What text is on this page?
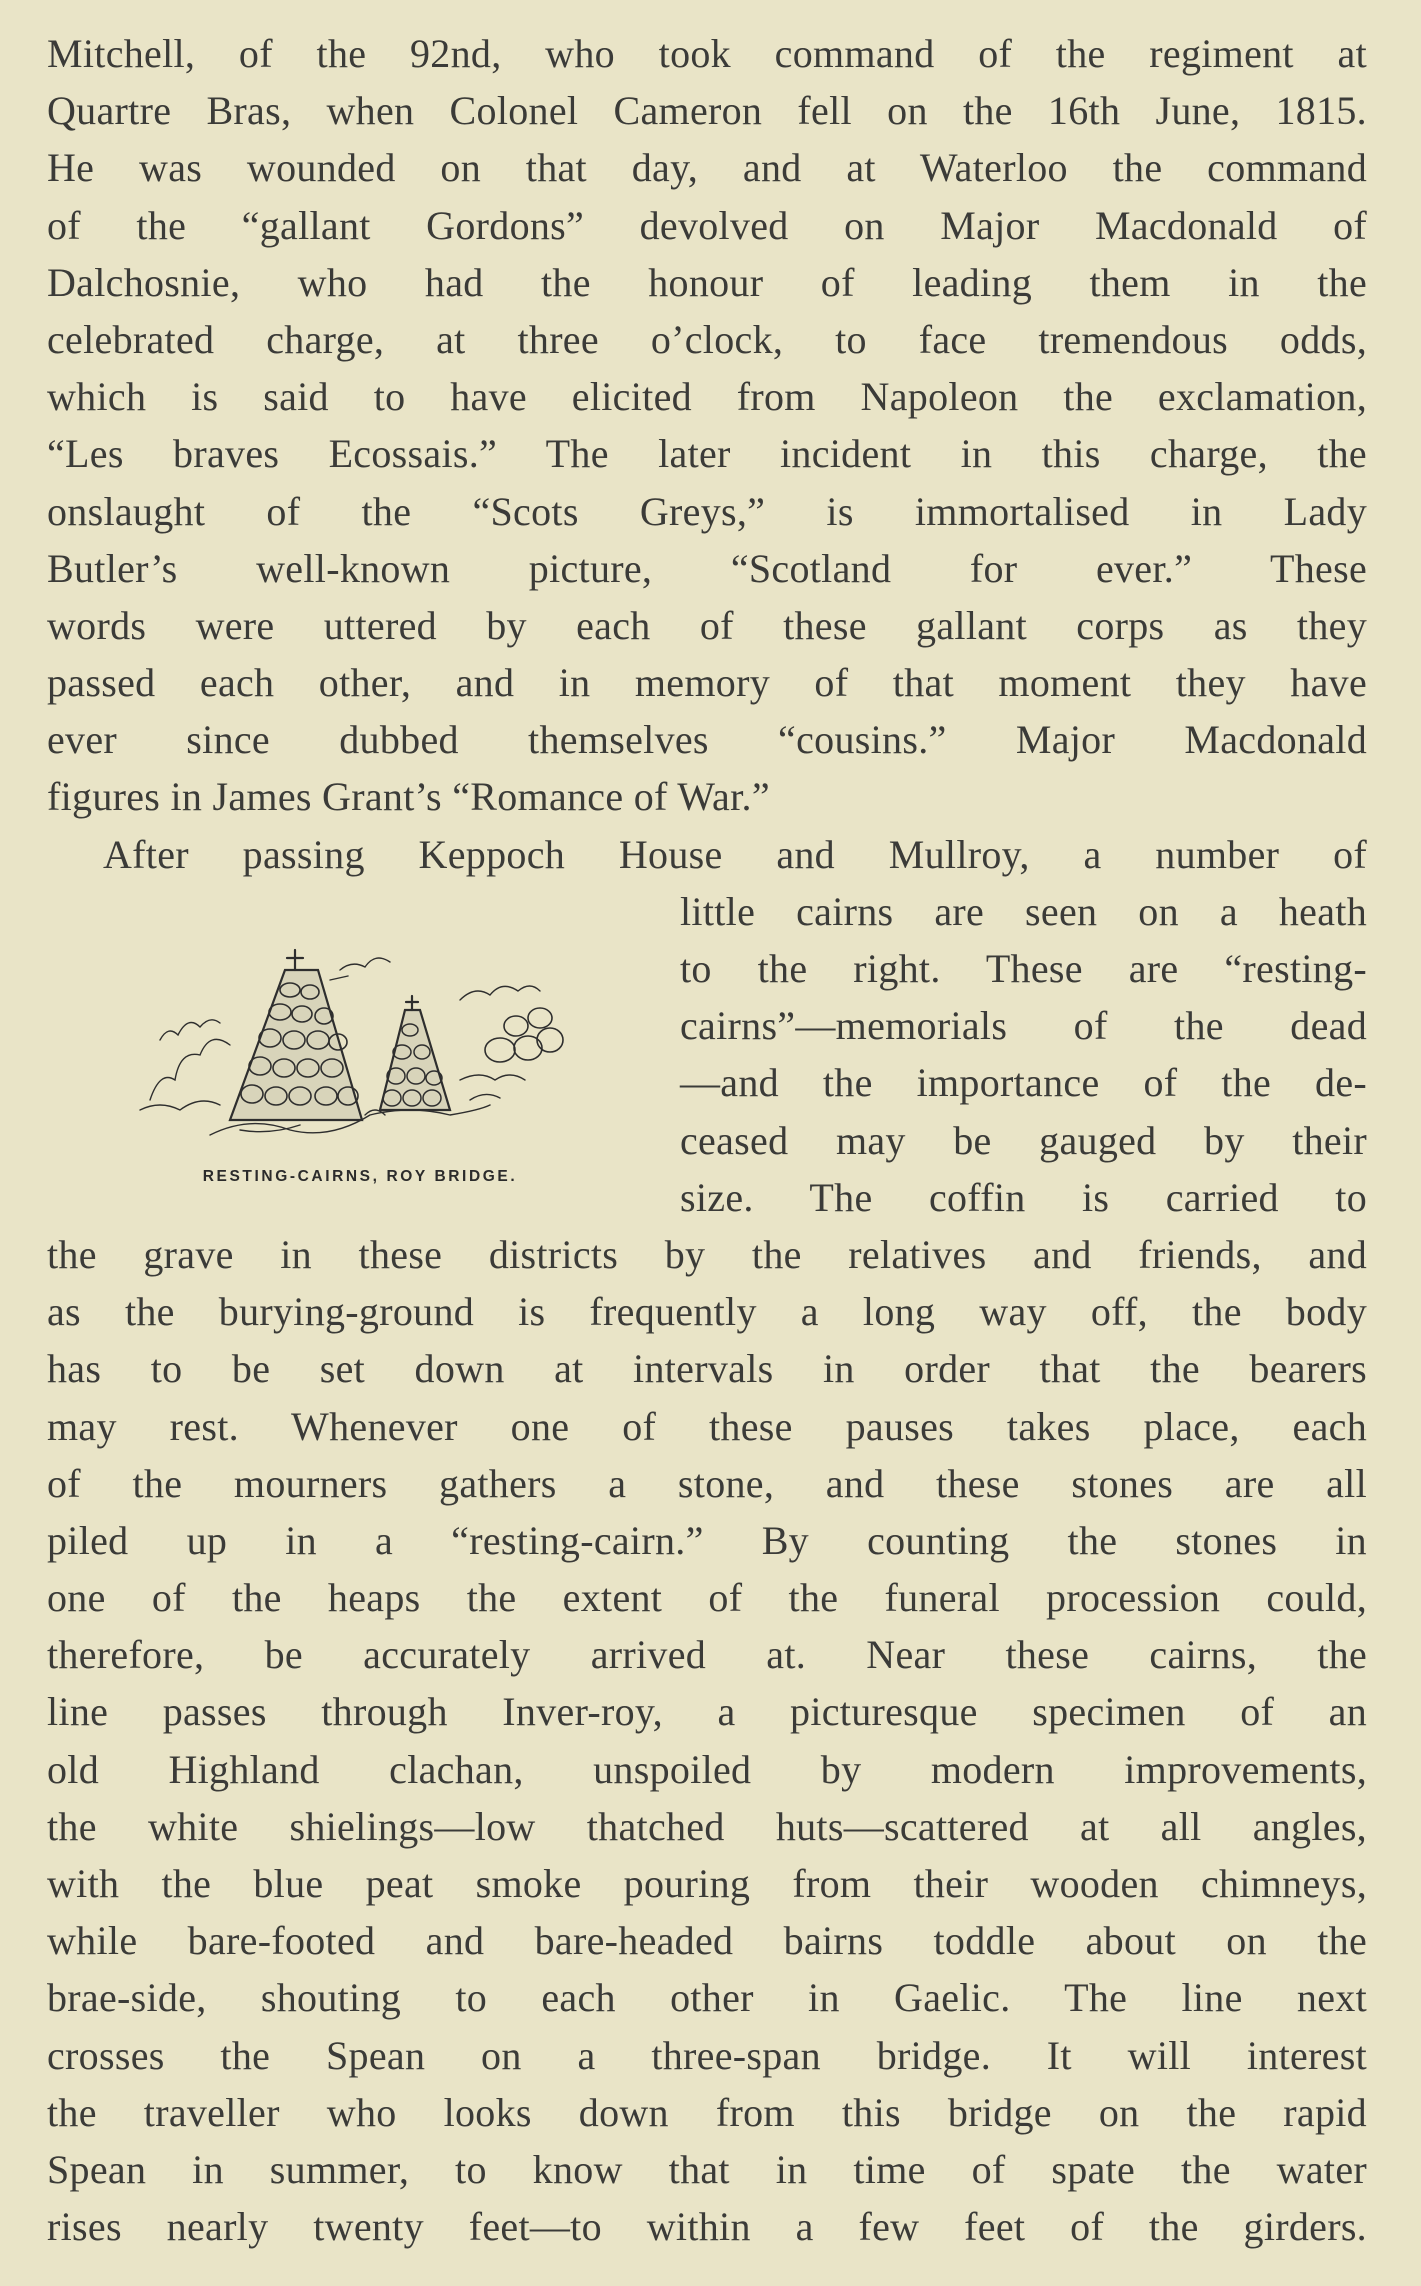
Mitchell, of the 92nd, who took command of the regiment at
Quartre Bras, when Colonel Cameron fell on the 16th June, 1815.
He was wounded on that day, and at Waterloo the command
of the “gallant Gordons” devolved on Major Macdonald of
Dalchosnie, who had the honour of leading them in the
celebrated charge, at three o’clock, to face tremendous odds,
which is said to have elicited from Napoleon the exclamation,
“Les braves Ecossais.” The later incident in this charge, the
onslaught of the “Scots Greys,” is immortalised in Lady
Butler’s well-known picture, “Scotland for ever.” These
words were uttered by each of these gallant corps as they
passed each other, and in memory of that moment they have
ever since dubbed themselves “cousins.” Major Macdonald
figures in James Grant’s “Romance of War.”
After passing Keppoch House and Mullroy, a number of
little cairns are seen on a heath
to the right. These are “resting-
cairns”—memorials of the dead
—and the importance of the de-
ceased may be gauged by their
size. The coffin is carried to
the grave in these districts by the relatives and friends, and
as the burying-ground is frequently a long way off, the body
has to be set down at intervals in order that the bearers
may rest. Whenever one of these pauses takes place, each
of the mourners gathers a stone, and these stones are all
piled up in a “resting-cairn.” By counting the stones in
one of the heaps the extent of the funeral procession could,
therefore, be accurately arrived at. Near these cairns, the
line passes through Inver-roy, a picturesque specimen of an
old Highland clachan, unspoiled by modern improvements,
the white shielings—low thatched huts—scattered at all angles,
with the blue peat smoke pouring from their wooden chimneys,
while bare-footed and bare-headed bairns toddle about on the
brae-side, shouting to each other in Gaelic. The line next
crosses the Spean on a three-span bridge. It will interest
the traveller who looks down from this bridge on the rapid
Spean in summer, to know that in time of spate the water
rises nearly twenty feet—to within a few feet of the girders.
RESTING-CAIRNS, ROY BRIDGE.
